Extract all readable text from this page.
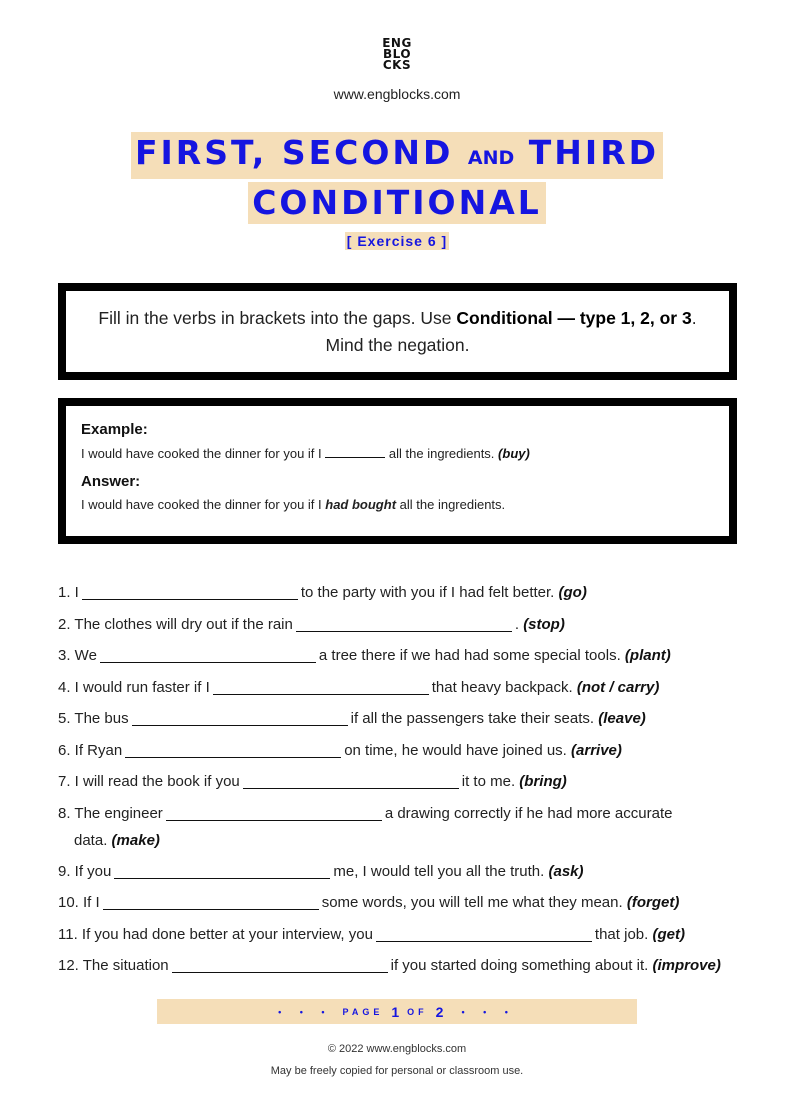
ENG
BLO
CKS
www.engblocks.com
FIRST, SECOND AND THIRD
CONDITIONAL
[ Exercise 6 ]
Fill in the verbs in brackets into the gaps. Use Conditional — type 1, 2, or 3. Mind the negation.
Example:
I would have cooked the dinner for you if I	all the ingredients. (buy)
Answer:
I would have cooked the dinner for you if I had bought all the ingredients.
1. I	to the party with you if I had felt better. (go)
2. The clothes will dry out if the rain	. (stop)
3. We	a tree there if we had had some special tools. (plant)
4. I would run faster if I	that heavy backpack. (not / carry)
5. The bus	if all the passengers take their seats. (leave)
6. If Ryan	on time, he would have joined us. (arrive)
7. I will read the book if you	it to me. (bring)
8. The engineer	a drawing correctly if he had more accurate
data. (make)
9. If you	me, I would tell you all the truth. (ask)
10. If I	some words, you will tell me what they mean. (forget)
11. If you had done better at your interview, you	that job. (get)
12. The situation	if you started doing something about it. (improve)
• • • PAGE 1 OF 2 • • •
© 2022 www.engblocks.com
May be freely copied for personal or classroom use.
